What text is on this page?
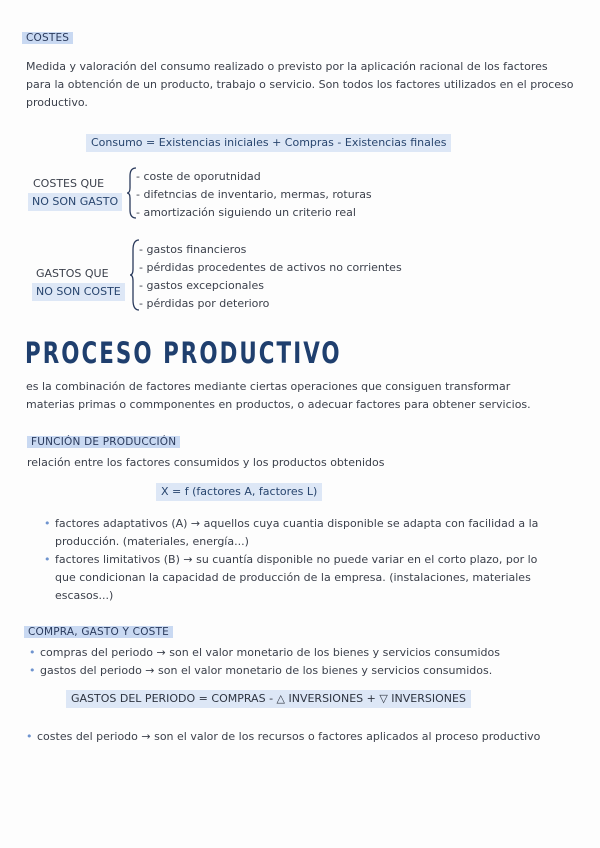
COSTES
Medida y valoración del consumo realizado o previsto por la aplicación racional de los factores para la obtención de un producto, trabajo o servicio. Son todos los factores utilizados en el proceso productivo.
Consumo = Existencias iniciales + Compras - Existencias finales
COSTES QUE
NO SON GASTO
- coste de oporutnidad
- difetncias de inventario, mermas, roturas
- amortización siguiendo un criterio real
GASTOS QUE
NO SON COSTE
- gastos financieros
- pérdidas procedentes de activos no corrientes
- gastos excepcionales
- pérdidas por deterioro
PROCESO PRODUCTIVO
es la combinación de factores mediante ciertas operaciones que consiguen transformar
materias primas o commponentes en productos, o adecuar factores para obtener servicios.
FUNCIÓN DE PRODUCCIÓN
relación entre los factores consumidos y los productos obtenidos
X = f (factores A, factores L)
• factores adaptativos (A) → aquellos cuya cuantia disponible se adapta con facilidad a la
producción. (materiales, energía...)
• factores limitativos (B) → su cuantía disponible no puede variar en el corto plazo, por lo
que condicionan la capacidad de producción de la empresa. (instalaciones, materiales
escasos...)
COMPRA, GASTO Y COSTE
• compras del periodo → son el valor monetario de los bienes y servicios consumidos
• gastos del periodo → son el valor monetario de los bienes y servicios consumidos.
GASTOS DEL PERIODO = COMPRAS - △ INVERSIONES + ▽ INVERSIONES
• costes del periodo → son el valor de los recursos o factores aplicados al proceso productivo
